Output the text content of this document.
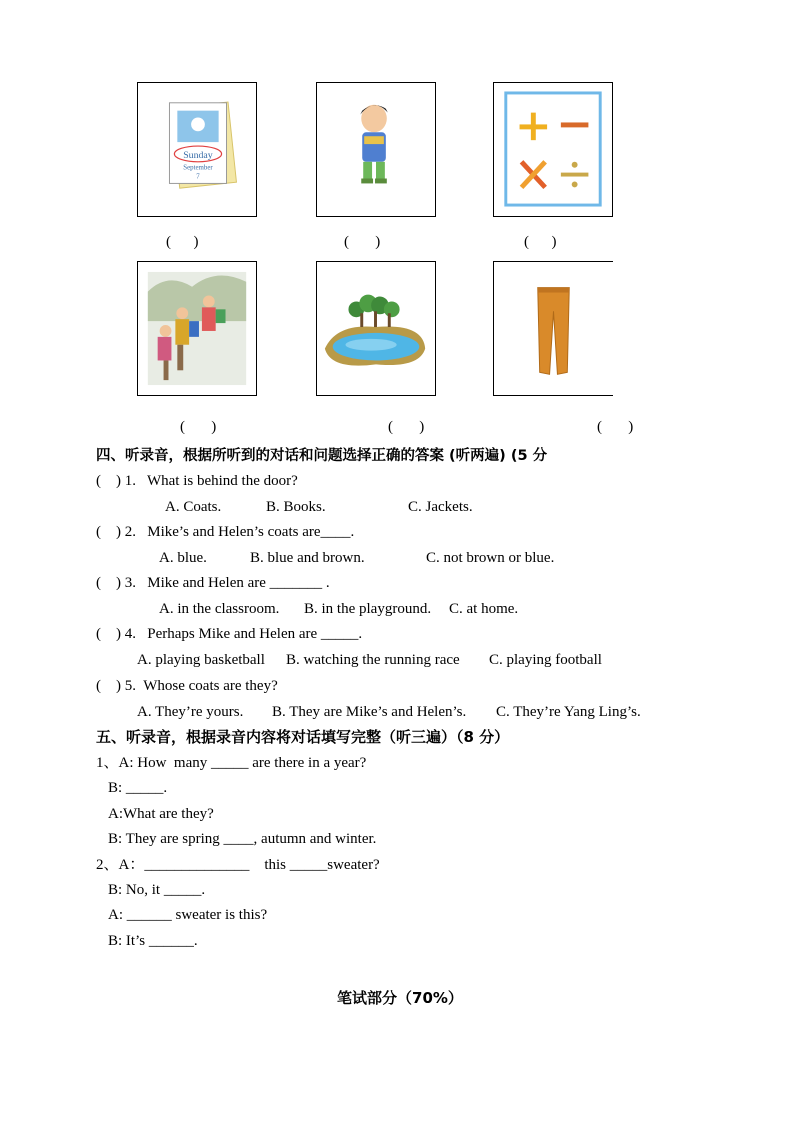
Sunday
September
7
(      )	(       )	(      )
(       )	(       )	(       )
四、听录音，根据所听到的对话和问题选择正确的答案 (听两遍) (5 分
(    ) 1.   What is behind the door?
A. Coats.	B. Books.	C. Jackets.
(    ) 2.   Mike’s and Helen’s coats are____.
A. blue.	B. blue and brown.	C. not brown or blue.
(    ) 3.   Mike and Helen are _______ .
A. in the classroom. B. in the playground. C. at home.
(    ) 4.   Perhaps Mike and Helen are _____.
A. playing basketball B. watching the running race C. playing football
(    ) 5.  Whose coats are they?
A. They’re yours. B. They are Mike’s and Helen’s. C. They’re Yang Ling’s.
五、听录音，根据录音内容将对话填写完整（听三遍）（8 分）
1、A: How  many _____ are there in a year?
B: _____.
A:What are they?
B: They are spring ____, autumn and winter.
2、A：______________    this _____sweater?
B: No, it _____.
A: ______ sweater is this?
B: It’s ______.
笔试部分（70%）
